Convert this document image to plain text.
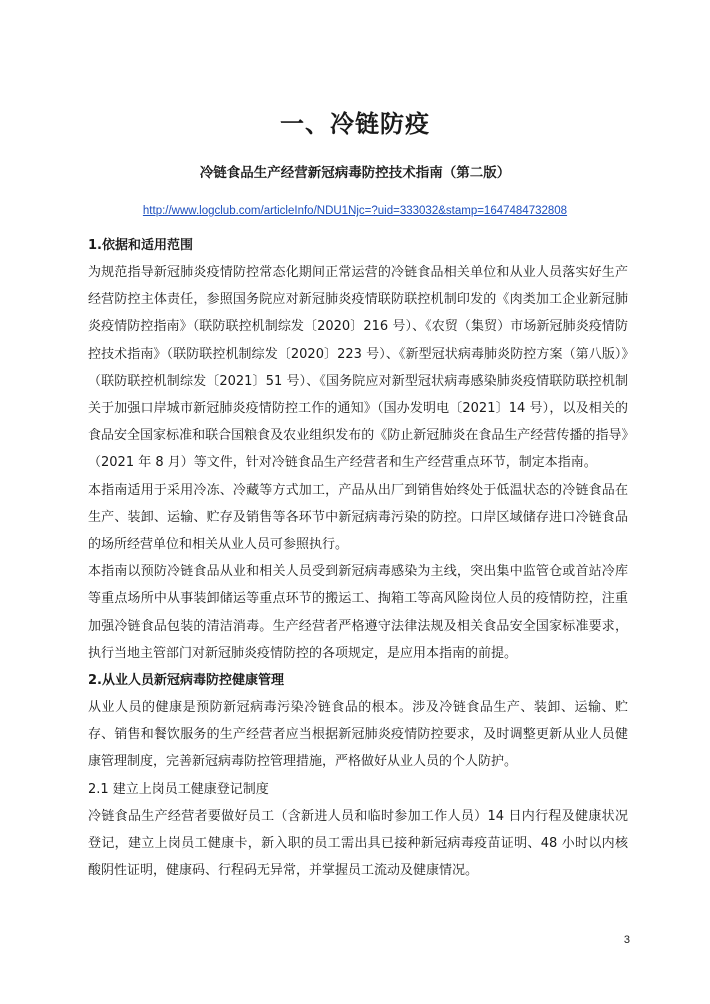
一、冷链防疫
冷链食品生产经营新冠病毒防控技术指南（第二版）
http://www.logclub.com/articleInfo/NDU1Njc=?uid=333032&stamp=1647484732808

1.依据和适用范围

为规范指导新冠肺炎疫情防控常态化期间正常运营的冷链食品相关单位和从业人员落实好生产经营防控主体责任，参照国务院应对新冠肺炎疫情联防联控机制印发的《肉类加工企业新冠肺炎疫情防控指南》（联防联控机制综发〔2020〕216 号）、《农贸（集贸）市场新冠肺炎疫情防控技术指南》（联防联控机制综发〔2020〕223 号）、《新型冠状病毒肺炎防控方案（第八版）》（联防联控机制综发〔2021〕51 号）、《国务院应对新型冠状病毒感染肺炎疫情联防联控机制关于加强口岸城市新冠肺炎疫情防控工作的通知》（国办发明电〔2021〕14 号），以及相关的食品安全国家标准和联合国粮食及农业组织发布的《防止新冠肺炎在食品生产经营传播的指导》（2021 年 8 月）等文件，针对冷链食品生产经营者和生产经营重点环节，制定本指南。

本指南适用于采用冷冻、冷藏等方式加工，产品从出厂到销售始终处于低温状态的冷链食品在生产、装卸、运输、贮存及销售等各环节中新冠病毒污染的防控。口岸区域储存进口冷链食品的场所经营单位和相关从业人员可参照执行。

本指南以预防冷链食品从业和相关人员受到新冠病毒感染为主线，突出集中监管仓或首站冷库等重点场所中从事装卸储运等重点环节的搬运工、掏箱工等高风险岗位人员的疫情防控，注重加强冷链食品包装的清洁消毒。生产经营者严格遵守法律法规及相关食品安全国家标准要求，执行当地主管部门对新冠肺炎疫情防控的各项规定，是应用本指南的前提。

2.从业人员新冠病毒防控健康管理

从业人员的健康是预防新冠病毒污染冷链食品的根本。涉及冷链食品生产、装卸、运输、贮存、销售和餐饮服务的生产经营者应当根据新冠肺炎疫情防控要求，及时调整更新从业人员健康管理制度，完善新冠病毒防控管理措施，严格做好从业人员的个人防护。

2.1 建立上岗员工健康登记制度

冷链食品生产经营者要做好员工（含新进人员和临时参加工作人员）14 日内行程及健康状况登记，建立上岗员工健康卡，新入职的员工需出具已接种新冠病毒疫苗证明、48 小时以内核酸阴性证明，健康码、行程码无异常，并掌握员工流动及健康情况。

3
